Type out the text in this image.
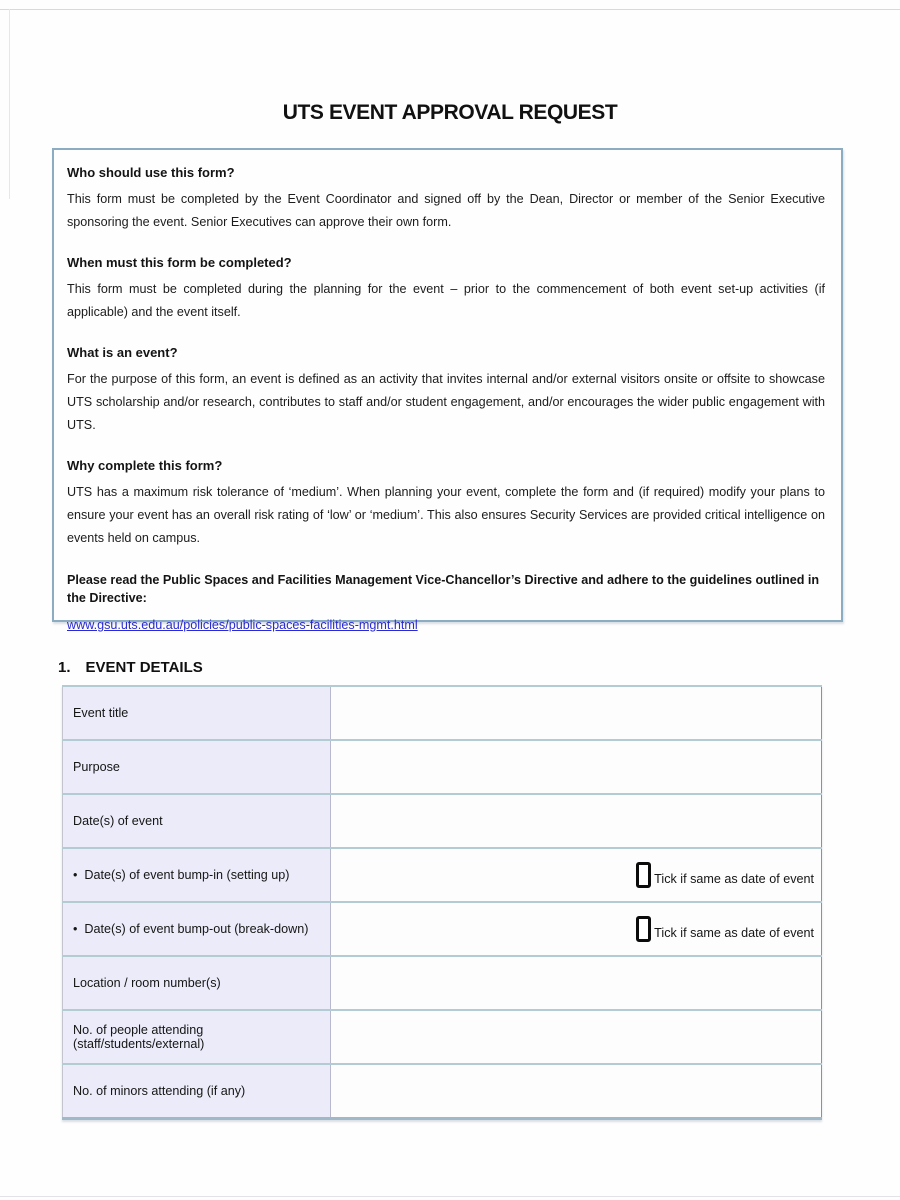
UTS EVENT APPROVAL REQUEST
Who should use this form?

This form must be completed by the Event Coordinator and signed off by the Dean, Director or member of the Senior Executive sponsoring the event. Senior Executives can approve their own form.

When must this form be completed?

This form must be completed during the planning for the event – prior to the commencement of both event set-up activities (if applicable) and the event itself.

What is an event?

For the purpose of this form, an event is defined as an activity that invites internal and/or external visitors onsite or offsite to showcase UTS scholarship and/or research, contributes to staff and/or student engagement, and/or encourages the wider public engagement with UTS.

Why complete this form?

UTS has a maximum risk tolerance of ‘medium’. When planning your event, complete the form and (if required) modify your plans to ensure your event has an overall risk rating of ‘low’ or ‘medium’. This also ensures Security Services are provided critical intelligence on events held on campus.

Please read the Public Spaces and Facilities Management Vice-Chancellor’s Directive and adhere to the guidelines outlined in the Directive:

www.gsu.uts.edu.au/policies/public-spaces-facilities-mgmt.html
1. EVENT DETAILS
Event title	
Purpose	
Date(s) of event	
•  Date(s) of event bump-in (setting up)	Tick if same as date of event

•  Date(s) of event bump-out (break-down)	Tick if same as date of event

Location / room number(s)	
No. of people attending (staff/students/external)	
No. of minors attending (if any)	
